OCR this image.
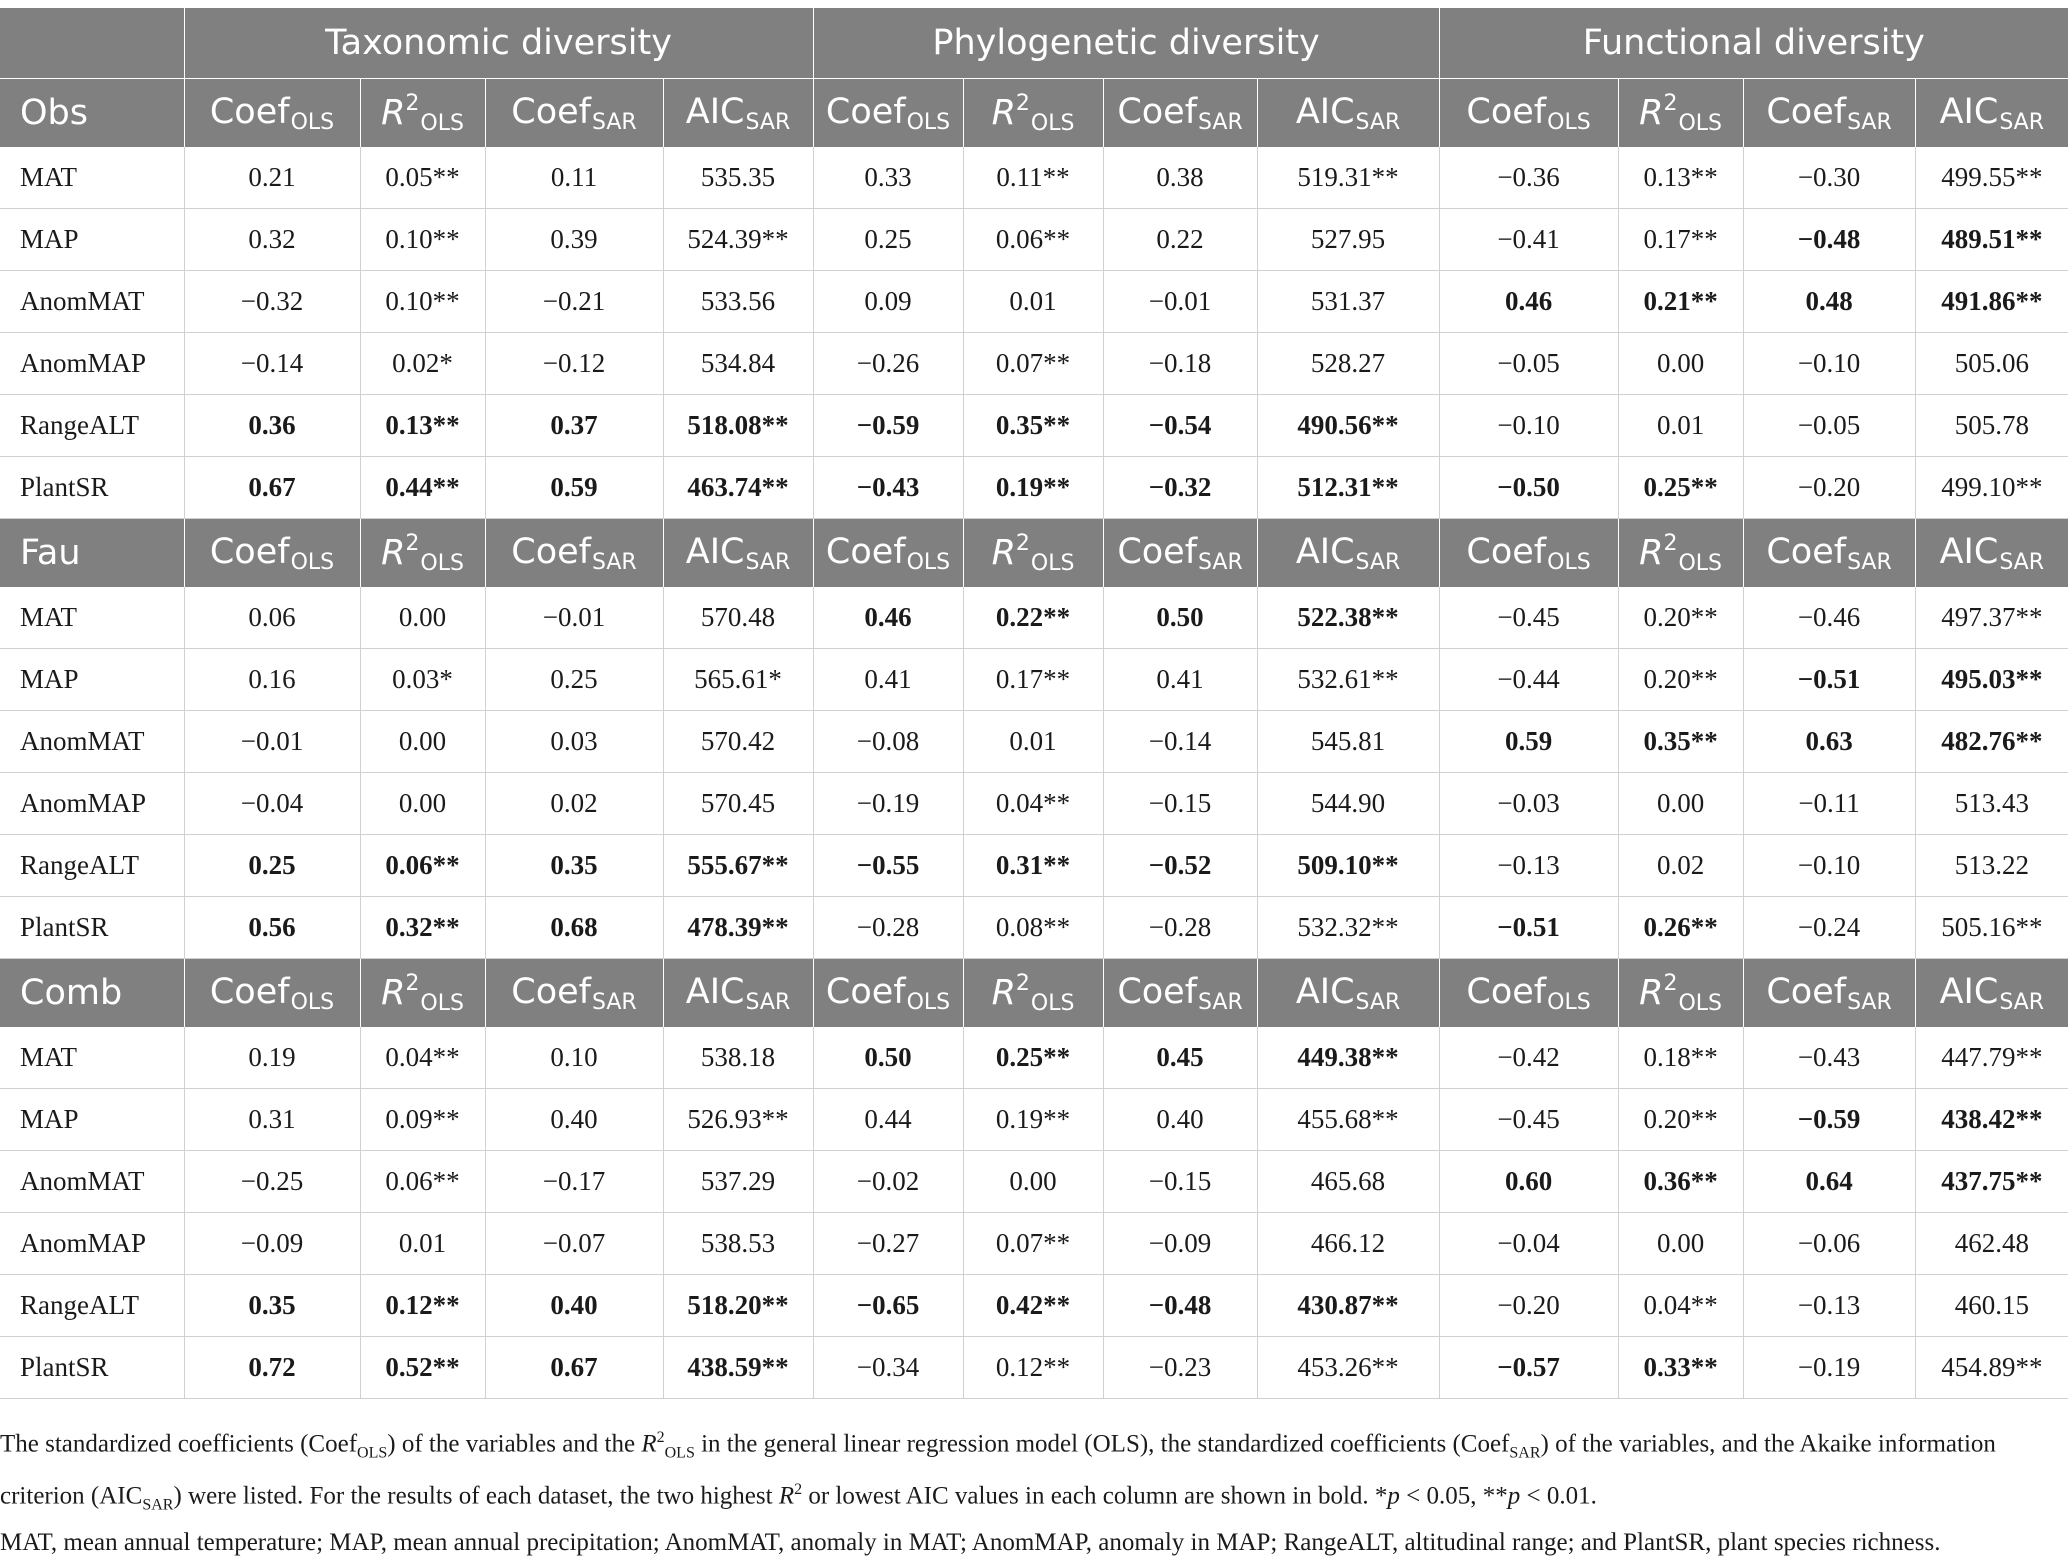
	Taxonomic diversity				Phylogenetic diversity				Functional diversity			
Obs	Coef$_{OLS}$	$R^2_{OLS}$	Coef$_{SAR}$	$AIC_{SAR}$	Coef$_{OLS}$	$R^2_{OLS}$	Coef$_{SAR}$	$AIC_{SAR}$	Coef$_{OLS}$	$R^2_{OLS}$	Coef$_{SAR}$	$AIC_{SAR}$
MAT	0.21	0.05**	0.11	535.35	0.33	0.11**	0.38	519.31**	−0.36	0.13**	−0.30	499.55**
MAP	0.32	0.10**	0.39	524.39**	0.25	0.06**	0.22	527.95	−0.41	0.17**	−0.48	489.51**
AnomMAT	−0.32	0.10**	−0.21	533.56	0.09	0.01	−0.01	531.37	0.46	0.21**	0.48	491.86**
AnomMAP	−0.14	0.02*	−0.12	534.84	−0.26	0.07**	−0.18	528.27	−0.05	0.00	−0.10	505.06
RangeALT	0.36	0.13**	0.37	518.08**	−0.59	0.35**	−0.54	490.56**	−0.10	0.01	−0.05	505.78
PlantSR	0.67	0.44**	0.59	463.74**	−0.43	0.19**	−0.32	512.31**	−0.50	0.25**	−0.20	499.10**
Fau	Coef$_{OLS}$	$R^2_{OLS}$	Coef$_{SAR}$	$AIC_{SAR}$	Coef$_{OLS}$	$R^2_{OLS}$	Coef$_{SAR}$	$AIC_{SAR}$	Coef$_{OLS}$	$R^2_{OLS}$	Coef$_{SAR}$	$AIC_{SAR}$
MAT	0.06	0.00	−0.01	570.48	0.46	0.22**	0.50	522.38**	−0.45	0.20**	−0.46	497.37**
MAP	0.16	0.03*	0.25	565.61*	0.41	0.17**	0.41	532.61**	−0.44	0.20**	−0.51	495.03**
AnomMAT	−0.01	0.00	0.03	570.42	−0.08	0.01	−0.14	545.81	0.59	0.35**	0.63	482.76**
AnomMAP	−0.04	0.00	0.02	570.45	−0.19	0.04**	−0.15	544.90	−0.03	0.00	−0.11	513.43
RangeALT	0.25	0.06**	0.35	555.67**	−0.55	0.31**	−0.52	509.10**	−0.13	0.02	−0.10	513.22
PlantSR	0.56	0.32**	0.68	478.39**	−0.28	0.08**	−0.28	532.32**	−0.51	0.26**	−0.24	505.16**
Comb	Coef$_{OLS}$	$R^2_{OLS}$	Coef$_{SAR}$	$AIC_{SAR}$	Coef$_{OLS}$	$R^2_{OLS}$	Coef$_{SAR}$	$AIC_{SAR}$	Coef$_{OLS}$	$R^2_{OLS}$	Coef$_{SAR}$	$AIC_{SAR}$
MAT	0.19	0.04**	0.10	538.18	0.50	0.25**	0.45	449.38**	−0.42	0.18**	−0.43	447.79**
MAP	0.31	0.09**	0.40	526.93**	0.44	0.19**	0.40	455.68**	−0.45	0.20**	−0.59	438.42**
AnomMAT	−0.25	0.06**	−0.17	537.29	−0.02	0.00	−0.15	465.68	0.60	0.36**	0.64	437.75**
AnomMAP	−0.09	0.01	−0.07	538.53	−0.27	0.07**	−0.09	466.12	−0.04	0.00	−0.06	462.48
RangeALT	0.35	0.12**	0.40	518.20**	−0.65	0.42**	−0.48	430.87**	−0.20	0.04**	−0.13	460.15
PlantSR	0.72	0.52**	0.67	438.59**	−0.34	0.12**	−0.23	453.26**	−0.57	0.33**	−0.19	454.89**

The standardized coefficients (Coef$_{OLS}$) of the variables and the $R^2_{OLS}$ in the general linear regression model (OLS), the standardized coefficients (Coef$_{SAR}$) of the variables, and the Akaike information criterion $(AIC_{SAR})$ were listed. For the results of each dataset, the two highest $R^2$ or lowest AIC values in each column are shown in bold. *p < 0.05, **p < 0.01.

MAT, mean annual temperature; MAP, mean annual precipitation; AnomMAT, anomaly in MAT; AnomMAP, anomaly in MAP; RangeALT, altitudinal range; and PlantSR, plant species richness.
